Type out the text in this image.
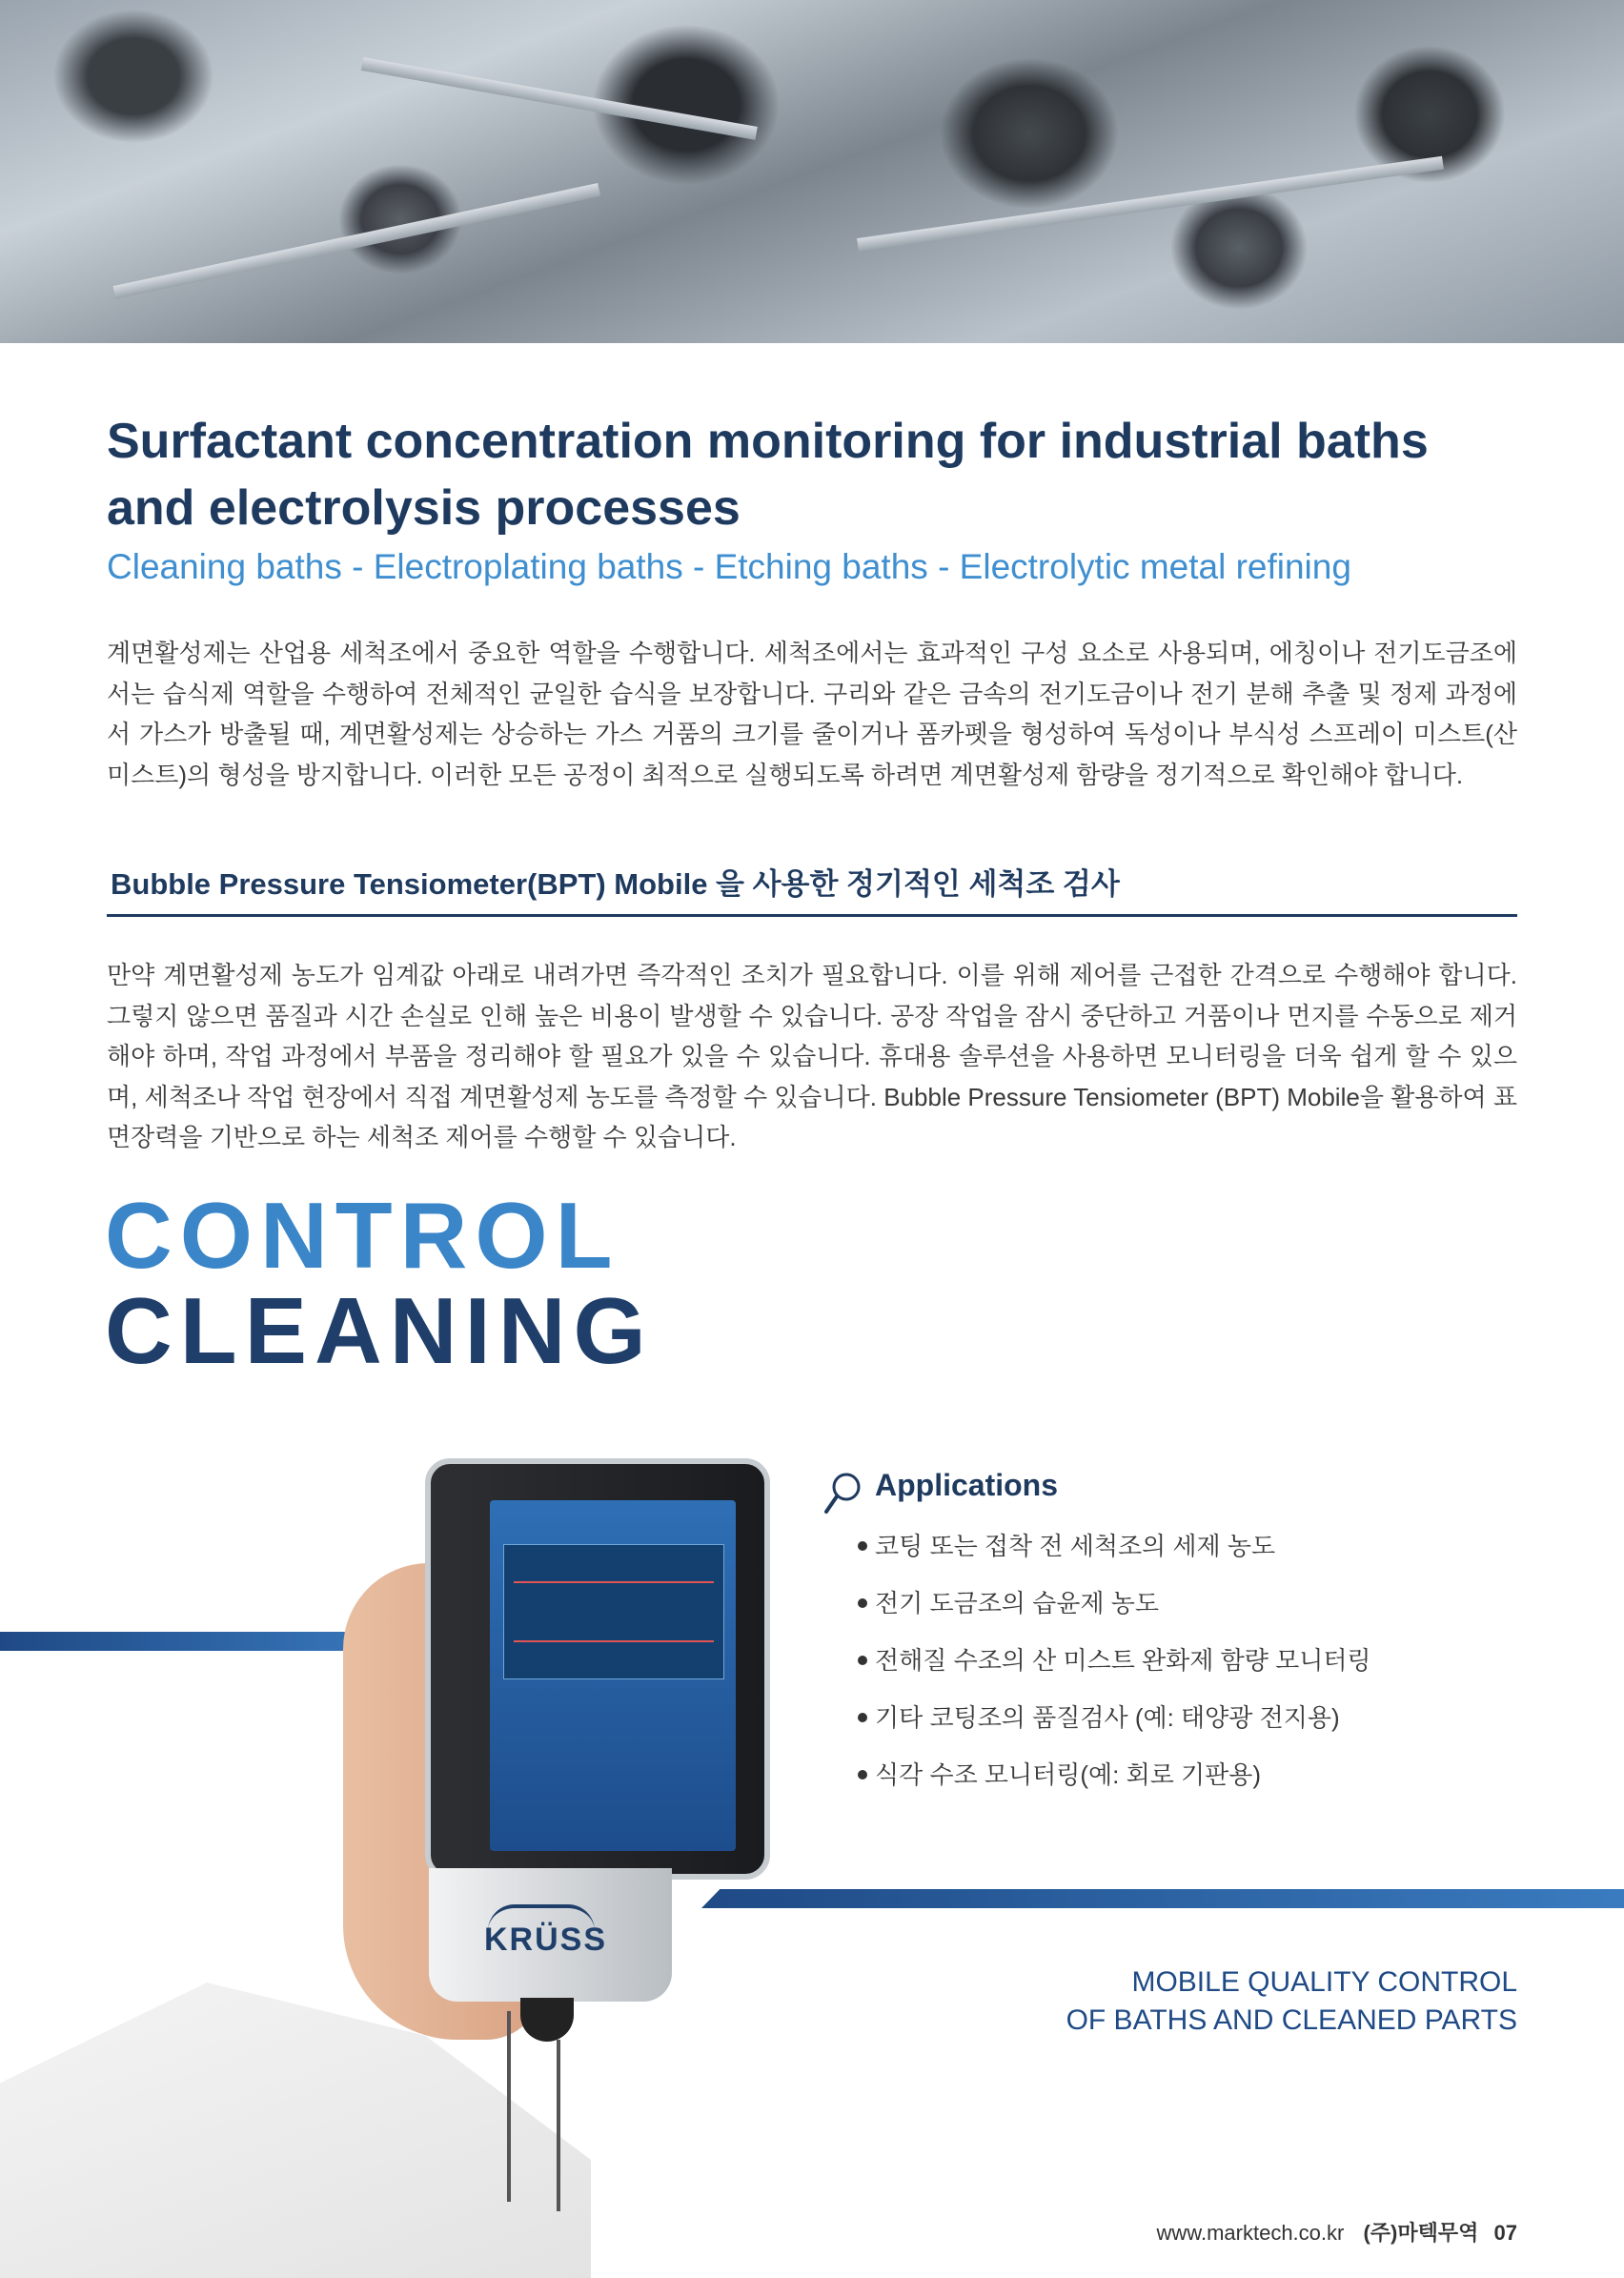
Surfactant concentration monitoring for industrial baths and electrolysis processes

Cleaning baths - Electroplating baths - Etching baths - Electrolytic metal refining

계면활성제는 산업용 세척조에서 중요한 역할을 수행합니다. 세척조에서는 효과적인 구성 요소로 사용되며, 에칭이나 전기도금조에서는 습식제 역할을 수행하여 전체적인 균일한 습식을 보장합니다. 구리와 같은 금속의 전기도금이나 전기 분해 추출 및 정제 과정에서 가스가 방출될 때, 계면활성제는 상승하는 가스 거품의 크기를 줄이거나 폼카펫을 형성하여 독성이나 부식성 스프레이 미스트(산 미스트)의 형성을 방지합니다. 이러한 모든 공정이 최적으로 실행되도록 하려면 계면활성제 함량을 정기적으로 확인해야 합니다.

Bubble Pressure Tensiometer(BPT) Mobile 을 사용한 정기적인 세척조 검사

만약 계면활성제 농도가 임계값 아래로 내려가면 즉각적인 조치가 필요합니다. 이를 위해 제어를 근접한 간격으로 수행해야 합니다. 그렇지 않으면 품질과 시간 손실로 인해 높은 비용이 발생할 수 있습니다. 공장 작업을 잠시 중단하고 거품이나 먼지를 수동으로 제거해야 하며, 작업 과정에서 부품을 정리해야 할 필요가 있을 수 있습니다. 휴대용 솔루션을 사용하면 모니터링을 더욱 쉽게 할 수 있으며, 세척조나 작업 현장에서 직접 계면활성제 농도를 측정할 수 있습니다. Bubble Pressure Tensiometer (BPT) Mobile을 활용하여 표면장력을 기반으로 하는 세척조 제어를 수행할 수 있습니다.

CONTROL
CLEANING

KRÜSS

Applications

코팅 또는 접착 전 세척조의 세제 농도
전기 도금조의 습윤제 농도
전해질 수조의 산 미스트 완화제 함량 모니터링
기타 코팅조의 품질검사 (예: 태양광 전지용)
식각 수조 모니터링(예: 회로 기판용)

MOBILE QUALITY CONTROL
OF BATHS AND CLEANED PARTS

www.marktech.co.kr (주)마텍무역 07
